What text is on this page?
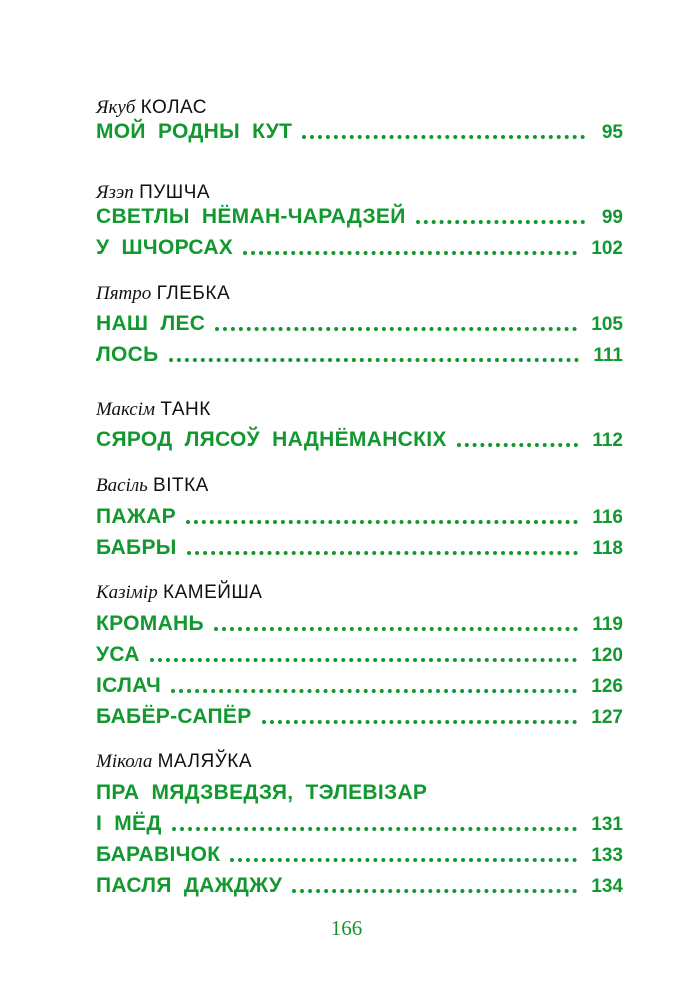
Якуб КОЛАС
МОЙ РОДНЫ КУТ	95
Язэп ПУШЧА
СВЕТЛЫ НЁМАН-ЧАРАДЗЕЙ	99
У ШЧОРСАХ	102
Пятро ГЛЕБКА
НАШ ЛЕС	105
ЛОСЬ	111
Максім ТАНК
СЯРОД ЛЯСОЎ НАДНЁМАНСКІХ	112
Васіль ВІТКА
ПАЖАР	116
БАБРЫ	118
Казімір КАМЕЙША
КРОМАНЬ	119
УСА	120
ІСЛАЧ	126
БАБЁР-САПЁР	127
Мікола МАЛЯЎКА
ПРА МЯДЗВЕДЗЯ, ТЭЛЕВІЗАР
І МЁД	131
БАРАВІЧОК	133
ПАСЛЯ ДАЖДЖУ	134
166
